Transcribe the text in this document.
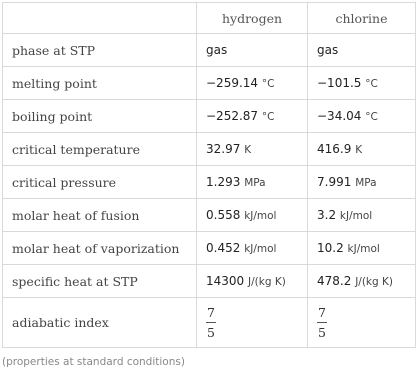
	hydrogen	chlorine
phase at STP	gas	gas
melting point	−259.14 °C	−101.5 °C
boiling point	−252.87 °C	−34.04 °C
critical temperature	32.97 K	416.9 K
critical pressure	1.293 MPa	7.991 MPa
molar heat of fusion	0.558 kJ/mol	3.2 kJ/mol
molar heat of vaporization	0.452 kJ/mol	10.2 kJ/mol
specific heat at STP	14300 J/(kg K)	478.2 J/(kg K)
adiabatic index	$\frac{7}{5}$	$\frac{7}{5}$
(properties at standard conditions)
